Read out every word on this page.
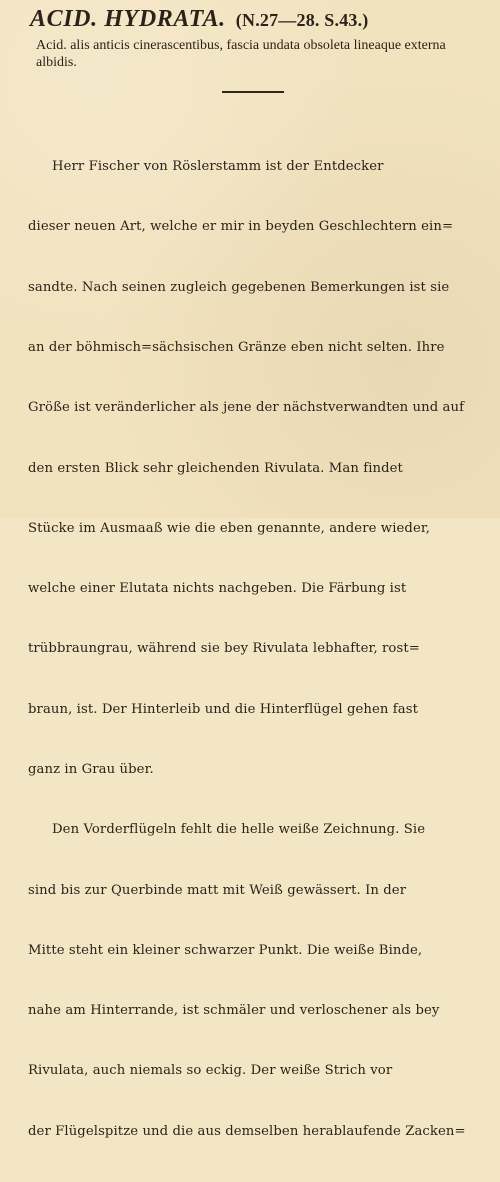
ACID. HYDRATA. (N.27—28. S.43.)
Acid. alis anticis cinerascentibus, fascia undata obsoleta lineaque externa albidis.

Herr Fischer von Röslerstamm ist der Entdecker

dieser neuen Art, welche er mir in beyden Geschlechtern ein=

sandte. Nach seinen zugleich gegebenen Bemerkungen ist sie

an der böhmisch=sächsischen Gränze eben nicht selten. Ihre

Größe ist veränderlicher als jene der nächstverwandten und auf

den ersten Blick sehr gleichenden Rivulata. Man findet

Stücke im Ausmaaß wie die eben genannte, andere wieder,

welche einer Elutata nichts nachgeben. Die Färbung ist

trübbraungrau, während sie bey Rivulata lebhafter, rost=

braun, ist. Der Hinterleib und die Hinterflügel gehen fast

ganz in Grau über.

Den Vorderflügeln fehlt die helle weiße Zeichnung. Sie

sind bis zur Querbinde matt mit Weiß gewässert. In der

Mitte steht ein kleiner schwarzer Punkt. Die weiße Binde,

nahe am Hinterrande, ist schmäler und verloschener als bey

Rivulata, auch niemals so eckig. Der weiße Strich vor

der Flügelspitze und die aus demselben herablaufende Zacken=
